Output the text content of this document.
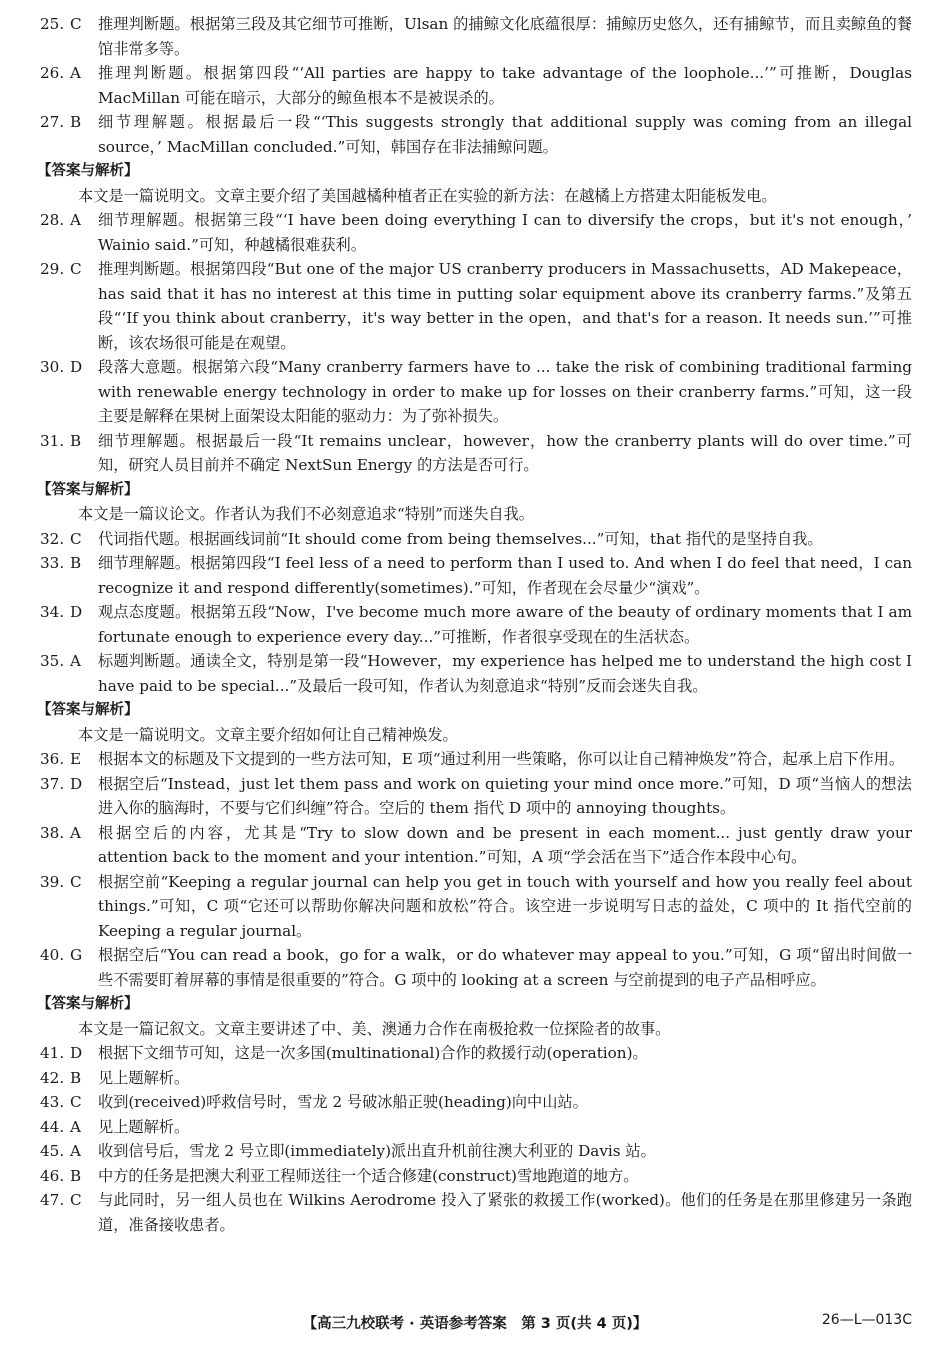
25. C	推理判断题。根据第三段及其它细节可推断，Ulsan 的捕鲸文化底蕴很厚：捕鲸历史悠久，还有捕鲸节，而且卖鲸鱼的餐馆非常多等。
26. A	推理判断题。根据第四段“‘All parties are happy to take advantage of the loophole...’”可推断，Douglas MacMillan 可能在暗示，大部分的鲸鱼根本不是被误杀的。
27. B	细节理解题。根据最后一段“‘This suggests strongly that additional supply was coming from an illegal source，’ MacMillan concluded.”可知，韩国存在非法捕鲸问题。
【答案与解析】
本文是一篇说明文。文章主要介绍了美国越橘种植者正在实验的新方法：在越橘上方搭建太阳能板发电。
28. A	细节理解题。根据第三段“‘I have been doing everything I can to diversify the crops，but it's not enough，’ Wainio said.”可知，种越橘很难获利。
29. C	推理判断题。根据第四段“But one of the major US cranberry producers in Massachusetts，AD Makepeace，has said that it has no interest at this time in putting solar equipment above its cranberry farms.”及第五段“‘If you think about cranberry，it's way better in the open，and that's for a reason. It needs sun.’”可推断，该农场很可能是在观望。
30. D	段落大意题。根据第六段“Many cranberry farmers have to ... take the risk of combining traditional farming with renewable energy technology in order to make up for losses on their cranberry farms.”可知，这一段主要是解释在果树上面架设太阳能的驱动力：为了弥补损失。
31. B	细节理解题。根据最后一段“It remains unclear，however，how the cranberry plants will do over time.”可知，研究人员目前并不确定 NextSun Energy 的方法是否可行。
【答案与解析】
本文是一篇议论文。作者认为我们不必刻意追求“特别”而迷失自我。
32. C	代词指代题。根据画线词前“It should come from being themselves...”可知，that 指代的是坚持自我。
33. B	细节理解题。根据第四段“I feel less of a need to perform than I used to. And when I do feel that need，I can recognize it and respond differently(sometimes).”可知，作者现在会尽量少“演戏”。
34. D	观点态度题。根据第五段“Now，I've become much more aware of the beauty of ordinary moments that I am fortunate enough to experience every day...”可推断，作者很享受现在的生活状态。
35. A	标题判断题。通读全文，特别是第一段“However，my experience has helped me to understand the high cost I have paid to be special...”及最后一段可知，作者认为刻意追求“特别”反而会迷失自我。
【答案与解析】
本文是一篇说明文。文章主要介绍如何让自己精神焕发。
36. E	根据本文的标题及下文提到的一些方法可知，E 项“通过利用一些策略，你可以让自己精神焕发”符合，起承上启下作用。
37. D	根据空后“Instead，just let them pass and work on quieting your mind once more.”可知，D 项“当恼人的想法进入你的脑海时，不要与它们纠缠”符合。空后的 them 指代 D 项中的 annoying thoughts。
38. A	根据空后的内容，尤其是“Try to slow down and be present in each moment... just gently draw your attention back to the moment and your intention.”可知，A 项“学会活在当下”适合作本段中心句。
39. C	根据空前“Keeping a regular journal can help you get in touch with yourself and how you really feel about things.”可知，C 项“它还可以帮助你解决问题和放松”符合。该空进一步说明写日志的益处，C 项中的 It 指代空前的 Keeping a regular journal。
40. G	根据空后“You can read a book，go for a walk，or do whatever may appeal to you.”可知，G 项“留出时间做一些不需要盯着屏幕的事情是很重要的”符合。G 项中的 looking at a screen 与空前提到的电子产品相呼应。
【答案与解析】
本文是一篇记叙文。文章主要讲述了中、美、澳通力合作在南极抢救一位探险者的故事。
41. D	根据下文细节可知，这是一次多国(multinational)合作的救援行动(operation)。
42. B	见上题解析。
43. C	收到(received)呼救信号时，雪龙 2 号破冰船正驶(heading)向中山站。
44. A	见上题解析。
45. A	收到信号后，雪龙 2 号立即(immediately)派出直升机前往澳大利亚的 Davis 站。
46. B	中方的任务是把澳大利亚工程师送往一个适合修建(construct)雪地跑道的地方。
47. C	与此同时，另一组人员也在 Wilkins Aerodrome 投入了紧张的救援工作(worked)。他们的任务是在那里修建另一条跑道，准备接收患者。
【高三九校联考 · 英语参考答案　第 3 页(共 4 页)】	26—L—013C
